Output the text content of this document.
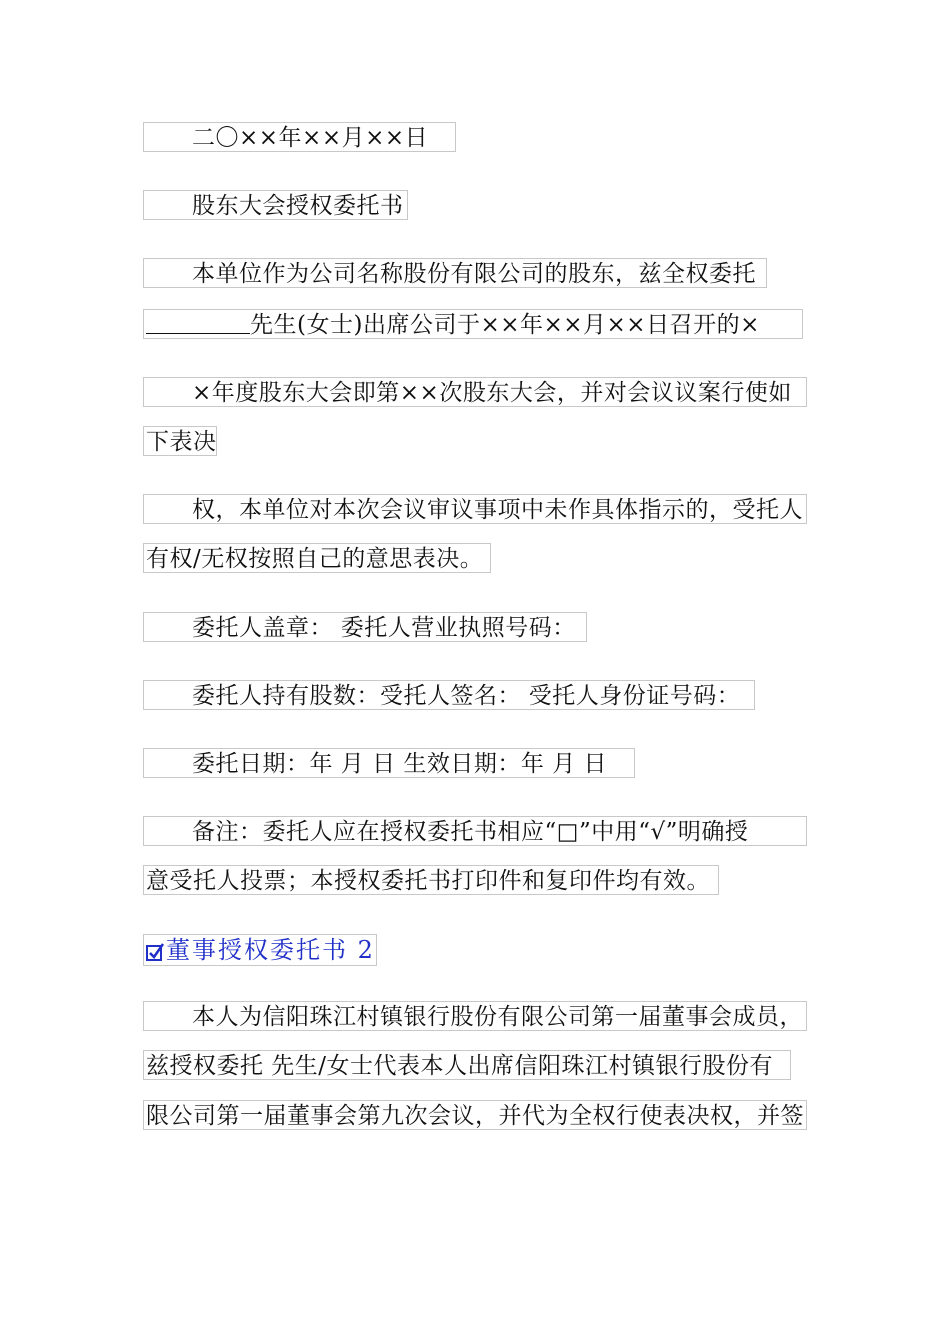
二〇××年××月××日
股东大会授权委托书
本单位作为公司名称股份有限公司的股东，兹全权委托
先生(女士)出席公司于××年××月××日召开的×
×年度股东大会即第××次股东大会，并对会议议案行使如
下表决
权，本单位对本次会议审议事项中未作具体指示的，受托人
有权/无权按照自己的意思表决。
委托人盖章： 委托人营业执照号码：
委托人持有股数：受托人签名： 受托人身份证号码：
委托日期：年 月 日 生效日期：年 月 日
备注：委托人应在授权委托书相应“□”中用“√”明确授
意受托人投票；本授权委托书打印件和复印件均有效。
董事授权委托书 2
本人为信阳珠江村镇银行股份有限公司第一届董事会成员，
兹授权委托 先生/女士代表本人出席信阳珠江村镇银行股份有
限公司第一届董事会第九次会议，并代为全权行使表决权，并签
